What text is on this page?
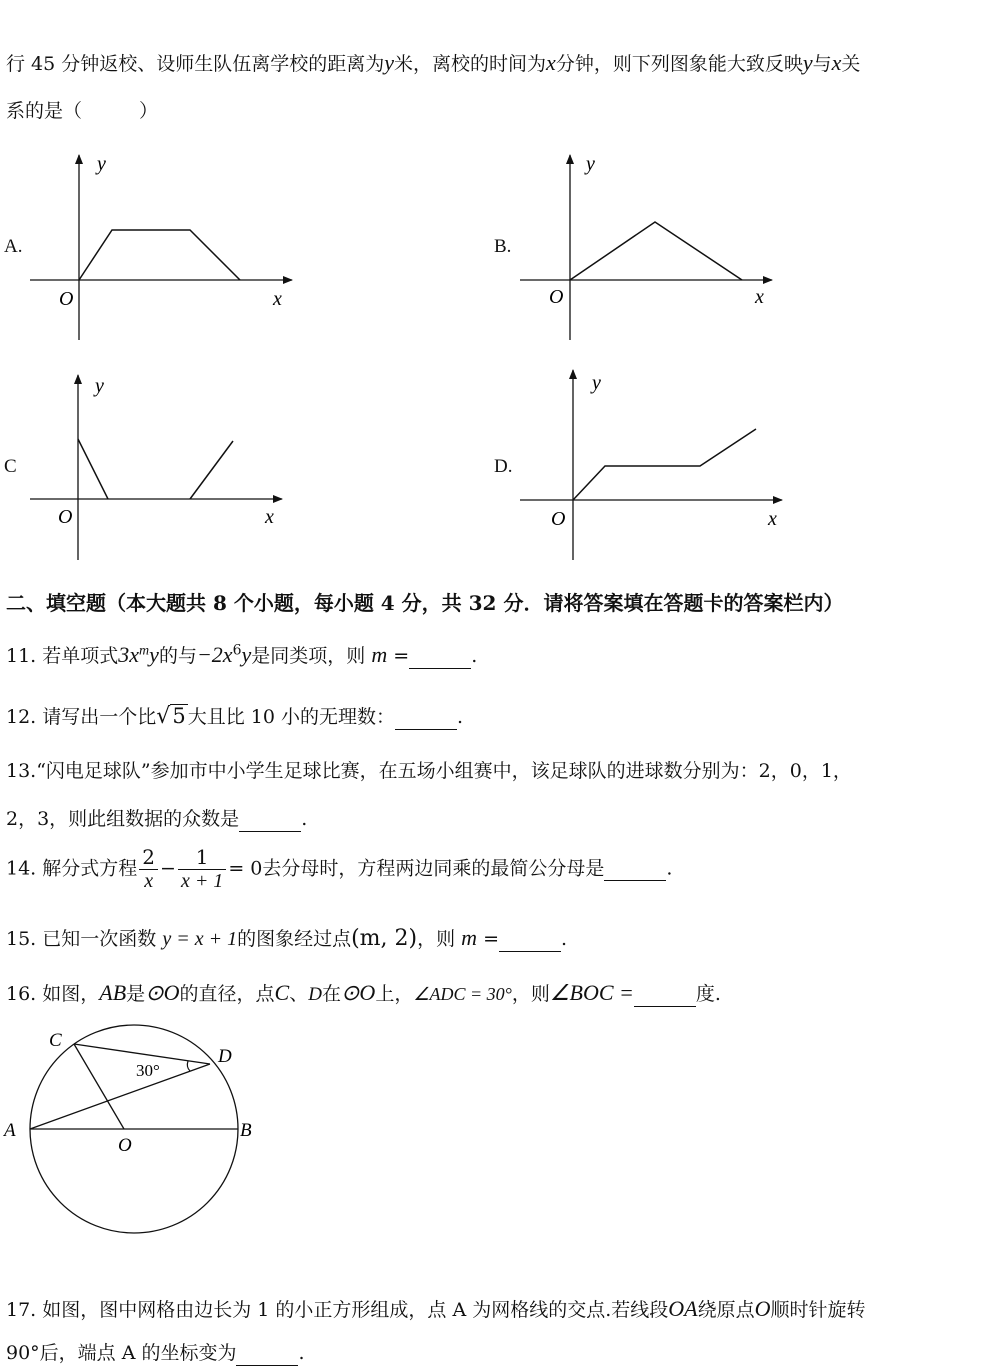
行 45 分钟返校、设师生队伍离学校的距离为y米，离校的时间为x分钟，则下列图象能大致反映y与x关
系的是（　　　）
A.	B.
C	D.
y
x
O
y
x
O
y
x
O
y
x
O
二、填空题（本大题共 8 个小题，每小题 4 分，共 32 分．请将答案填在答题卡的答案栏内）
11. 若单项式$3x^my$的与$-2x^6y$是同类项，则 m =	.
12. 请写出一个比√5 大且比 10 小的无理数：	.
13.“闪电足球队”参加市中小学生足球比赛，在五场小组赛中，该足球队的进球数分别为：2，0，1，
2，3，则此组数据的众数是	.
14. 解分式方程 $\frac{2}{x} - \frac{1}{x + 1} = 0$去分母时，方程两边同乘的最简公分母是	.
15. 已知一次函数 y = x + 1的图象经过点(m, 2)，则 m =	.
16. 如图，AB是⊙O的直径，点C、D在⊙O上，∠ADC = 30°，则∠BOC =	度.
C
D
A	B
O
30°
17. 如图，图中网格由边长为 1 的小正方形组成，点 A 为网格线的交点.若线段OA绕原点O顺时针旋转
90°后，端点 A 的坐标变为	.
